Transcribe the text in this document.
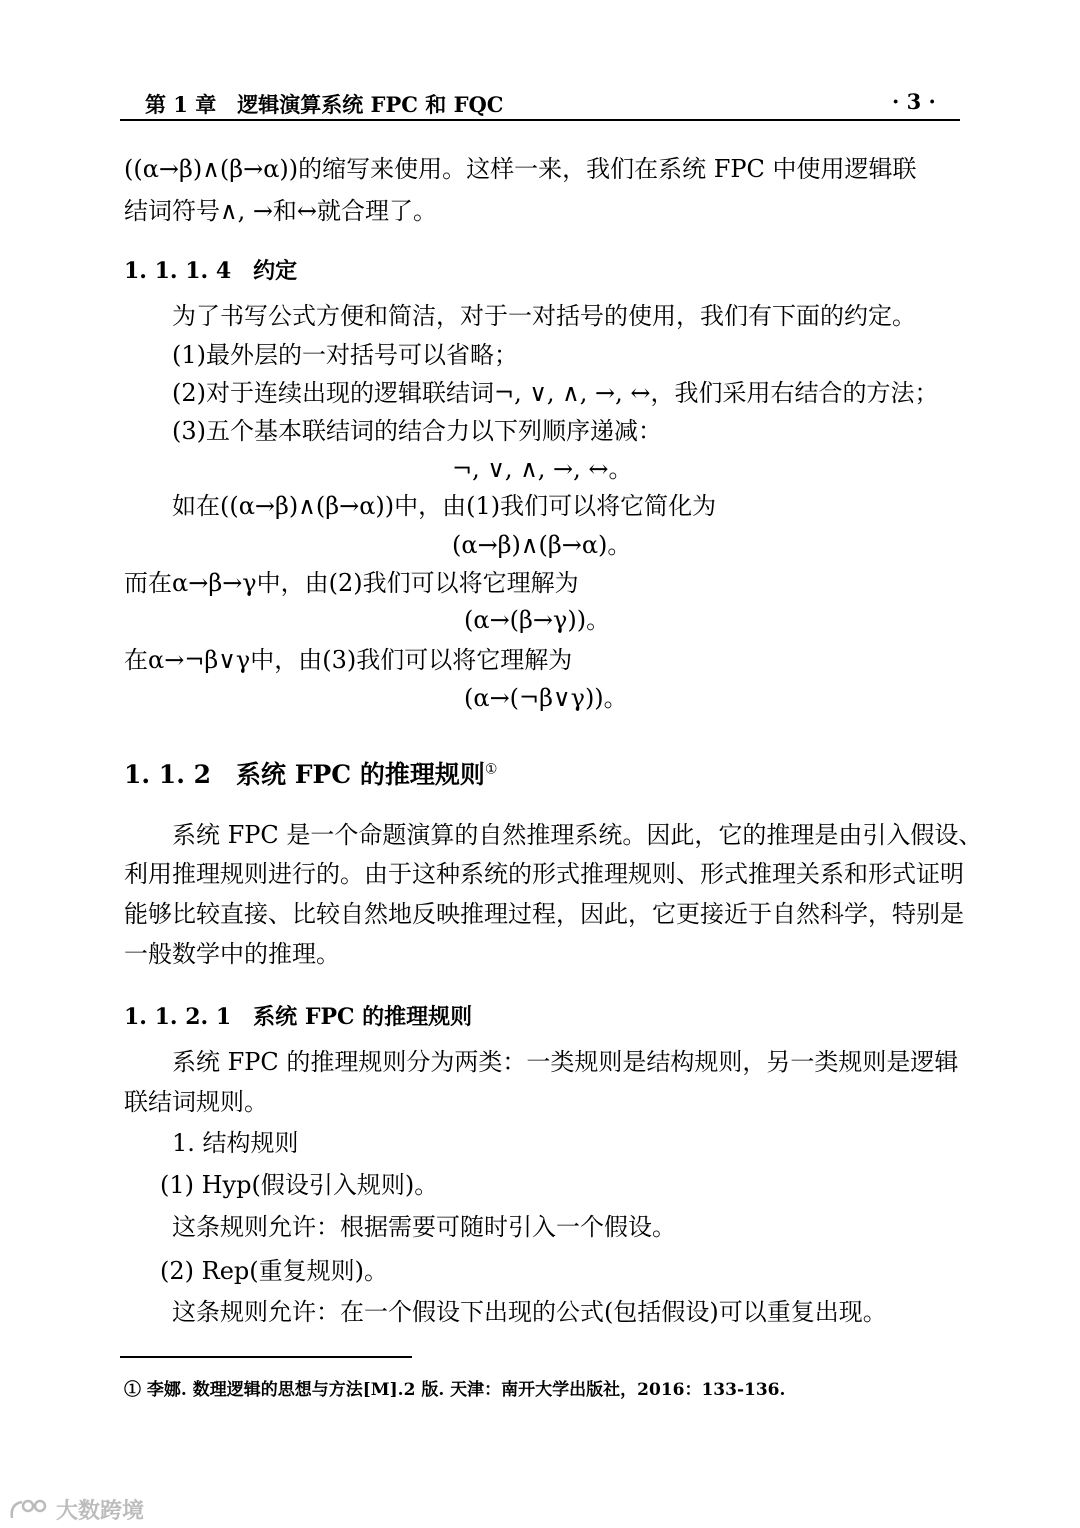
第 1 章　逻辑演算系统 FPC 和 FQC	· 3 ·
((α→β)∧(β→α))的缩写来使用。这样一来，我们在系统 FPC 中使用逻辑联
结词符号∧, →和↔就合理了。
1. 1. 1. 4　约定
为了书写公式方便和简洁，对于一对括号的使用，我们有下面的约定。
(1)最外层的一对括号可以省略；
(2)对于连续出现的逻辑联结词¬, ∨, ∧, →, ↔，我们采用右结合的方法；
(3)五个基本联结词的结合力以下列顺序递减：
¬, ∨, ∧, →, ↔。
如在((α→β)∧(β→α))中，由(1)我们可以将它简化为
(α→β)∧(β→α)。
而在α→β→γ中，由(2)我们可以将它理解为
(α→(β→γ))。
在α→¬β∨γ中，由(3)我们可以将它理解为
(α→(¬β∨γ))。
1. 1. 2　系统 FPC 的推理规则①
系统 FPC 是一个命题演算的自然推理系统。因此，它的推理是由引入假设、
利用推理规则进行的。由于这种系统的形式推理规则、形式推理关系和形式证明
能够比较直接、比较自然地反映推理过程，因此，它更接近于自然科学，特别是
一般数学中的推理。
1. 1. 2. 1　系统 FPC 的推理规则
系统 FPC 的推理规则分为两类：一类规则是结构规则，另一类规则是逻辑
联结词规则。
1. 结构规则
(1) Hyp(假设引入规则)。
这条规则允许：根据需要可随时引入一个假设。
(2) Rep(重复规则)。
这条规则允许：在一个假设下出现的公式(包括假设)可以重复出现。
① 李娜. 数理逻辑的思想与方法[M].2 版. 天津：南开大学出版社，2016：133-136.
大数跨境
